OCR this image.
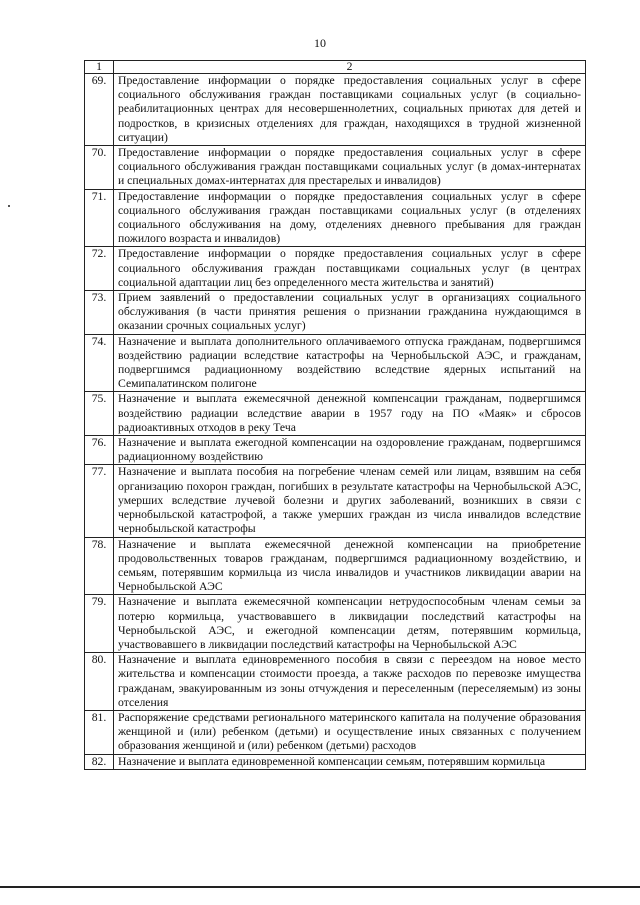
10
1	2
69.	Предоставление информации о порядке предоставления социальных услуг в сфере социального обслуживания граждан поставщиками социальных услуг (в социально-реабилитационных центрах для несовершеннолетних, социальных приютах для детей и подростков, в кризисных отделениях для граждан, находящихся в трудной жизненной ситуации)
70.	Предоставление информации о порядке предоставления социальных услуг в сфере социального обслуживания граждан поставщиками социальных услуг (в домах-интернатах и специальных домах-интернатах для престарелых и инвалидов)
71.	Предоставление информации о порядке предоставления социальных услуг в сфере социального обслуживания граждан поставщиками социальных услуг (в отделениях социального обслуживания на дому, отделениях дневного пребывания для граждан пожилого возраста и инвалидов)
72.	Предоставление информации о порядке предоставления социальных услуг в сфере социального обслуживания граждан поставщиками социальных услуг (в центрах социальной адаптации лиц без определенного места жительства и занятий)
73.	Прием заявлений о предоставлении социальных услуг в организациях социального обслуживания (в части принятия решения о признании гражданина нуждающимся в оказании срочных социальных услуг)
74.	Назначение и выплата дополнительного оплачиваемого отпуска гражданам, подвергшимся воздействию радиации вследствие катастрофы на Чернобыльской АЭС, и гражданам, подвергшимся радиационному воздействию вследствие ядерных испытаний на Семипалатинском полигоне
75.	Назначение и выплата ежемесячной денежной компенсации гражданам, подвергшимся воздействию радиации вследствие аварии в 1957 году на ПО «Маяк» и сбросов радиоактивных отходов в реку Теча
76.	Назначение и выплата ежегодной компенсации на оздоровление гражданам, подвергшимся радиационному воздействию
77.	Назначение и выплата пособия на погребение членам семей или лицам, взявшим на себя организацию похорон граждан, погибших в результате катастрофы на Чернобыльской АЭС, умерших вследствие лучевой болезни и других заболеваний, возникших в связи с чернобыльской катастрофой, а также умерших граждан из числа инвалидов вследствие чернобыльской катастрофы
78.	Назначение и выплата ежемесячной денежной компенсации на приобретение продовольственных товаров гражданам, подвергшимся радиационному воздействию, и семьям, потерявшим кормильца из числа инвалидов и участников ликвидации аварии на Чернобыльской АЭС
79.	Назначение и выплата ежемесячной компенсации нетрудоспособным членам семьи за потерю кормильца, участвовавшего в ликвидации последствий катастрофы на Чернобыльской АЭС, и ежегодной компенсации детям, потерявшим кормильца, участвовавшего в ликвидации последствий катастрофы на Чернобыльской АЭС
80.	Назначение и выплата единовременного пособия в связи с переездом на новое место жительства и компенсации стоимости проезда, а также расходов по перевозке имущества гражданам, эвакуированным из зоны отчуждения и переселенным (переселяемым) из зоны отселения
81.	Распоряжение средствами регионального материнского капитала на получение образования женщиной и (или) ребенком (детьми) и осуществление иных связанных с получением образования женщиной и (или) ребенком (детьми) расходов
82.	Назначение и выплата единовременной компенсации семьям, потерявшим кормильца
